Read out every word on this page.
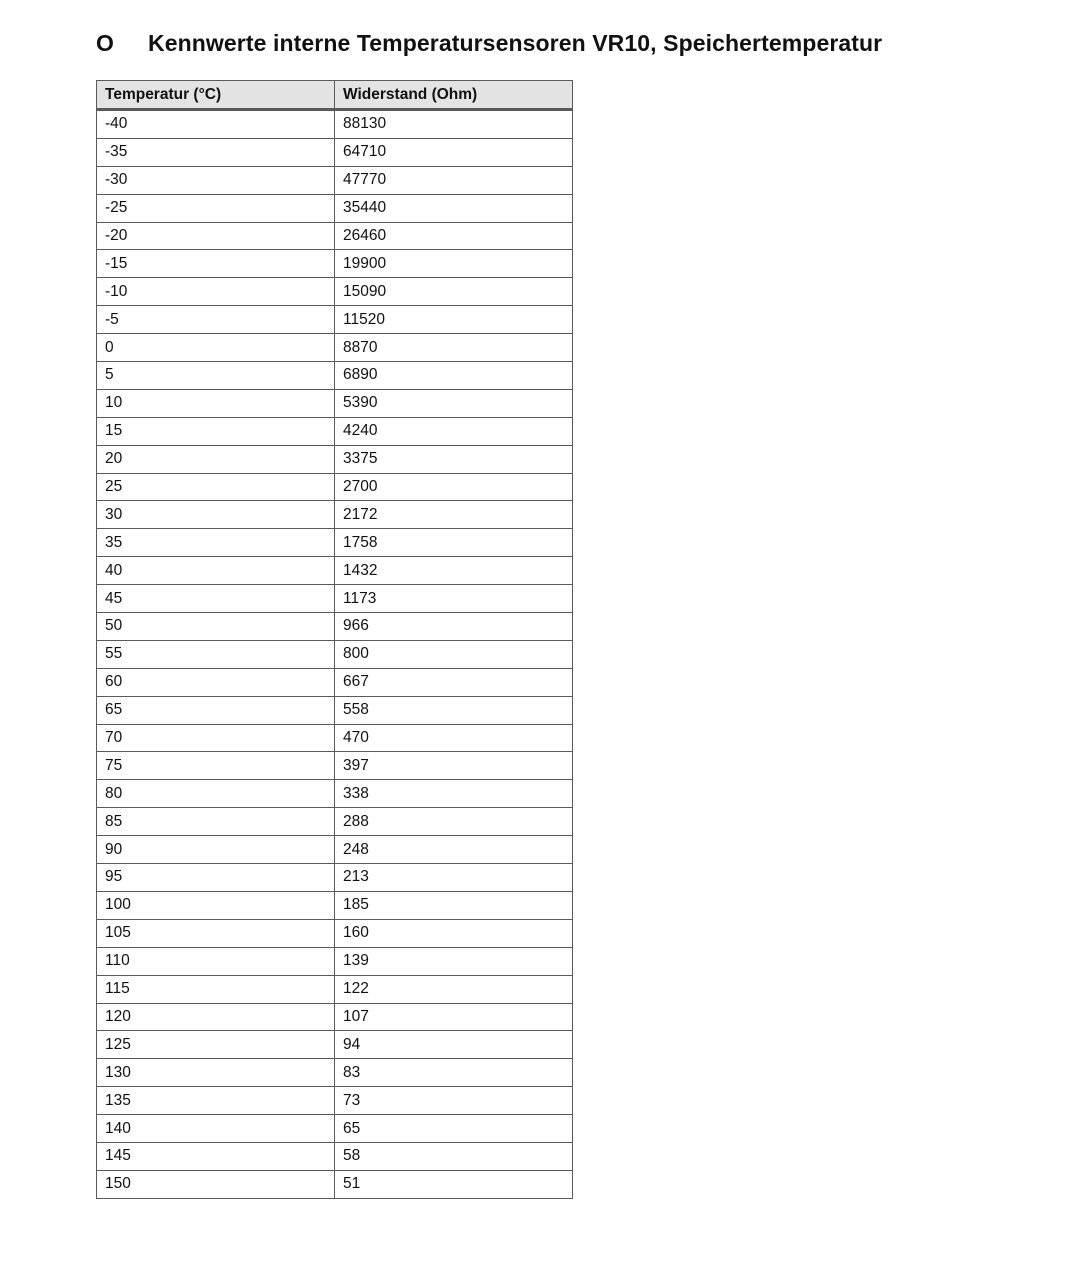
O	Kennwerte interne Temperatursensoren VR10, Speichertemperatur
Temperatur (°C)	Widerstand (Ohm)
-40	88130
-35	64710
-30	47770
-25	35440
-20	26460
-15	19900
-10	15090
-5	11520
0	8870
5	6890
10	5390
15	4240
20	3375
25	2700
30	2172
35	1758
40	1432
45	1173
50	966
55	800
60	667
65	558
70	470
75	397
80	338
85	288
90	248
95	213
100	185
105	160
110	139
115	122
120	107
125	94
130	83
135	73
140	65
145	58
150	51
